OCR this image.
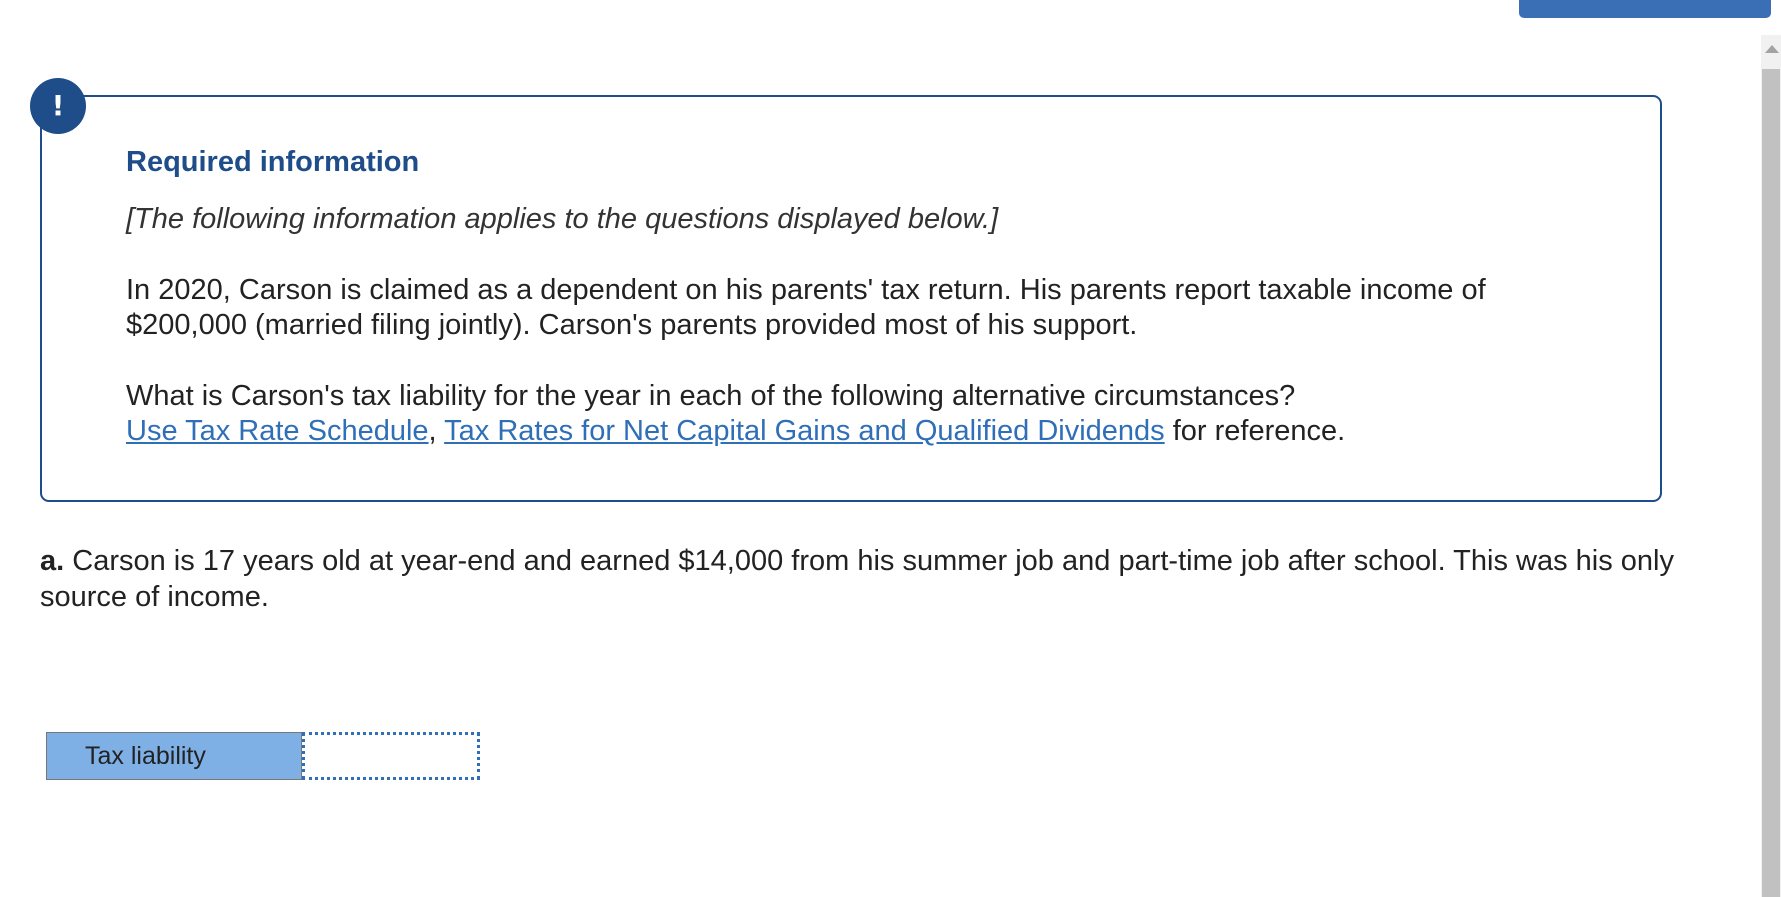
!
Required information

[The following information applies to the questions displayed below.]

In 2020, Carson is claimed as a dependent on his parents' tax return. His parents report taxable income of $200,000 (married filing jointly). Carson's parents provided most of his support.

What is Carson's tax liability for the year in each of the following alternative circumstances?
Use Tax Rate Schedule, Tax Rates for Net Capital Gains and Qualified Dividends for reference.

a. Carson is 17 years old at year-end and earned $14,000 from his summer job and part-time job after school. This was his only source of income.

Tax liability
